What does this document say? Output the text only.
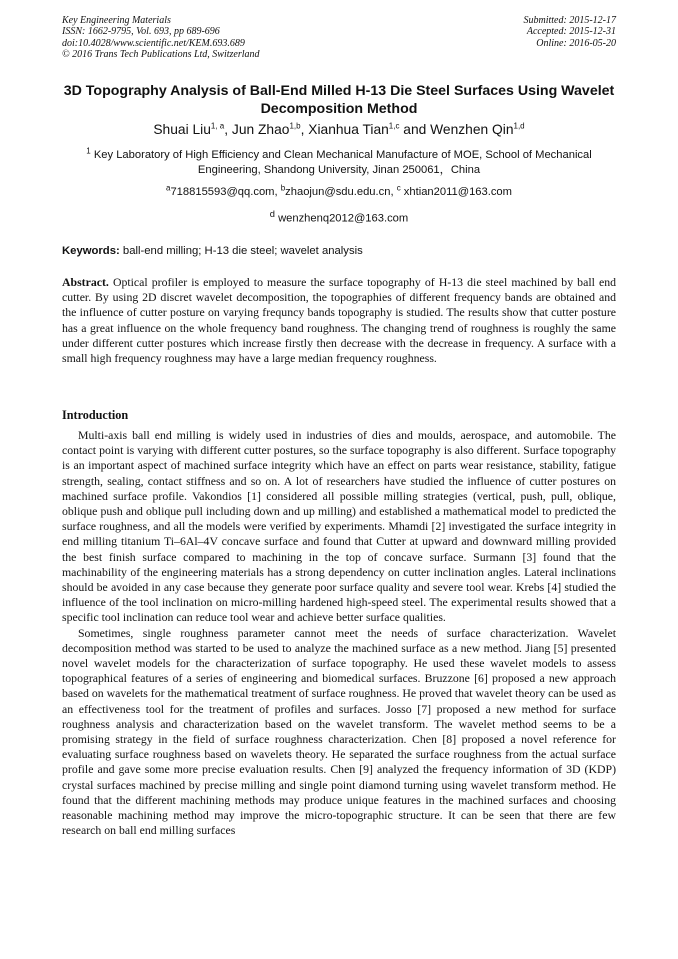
Key Engineering Materials
ISSN: 1662-9795, Vol. 693, pp 689-696
doi:10.4028/www.scientific.net/KEM.693.689
© 2016 Trans Tech Publications Ltd, Switzerland
Submitted: 2015-12-17
Accepted: 2015-12-31
Online: 2016-05-20
3D Topography Analysis of Ball-End Milled H-13 Die Steel Surfaces Using Wavelet Decomposition Method
Shuai Liu$^{1, a}$, Jun Zhao$^{1,b}$, Xianhua Tian$^{1,c}$ and Wenzhen Qin$^{1,d}$
$^1$ Key Laboratory of High Efficiency and Clean Mechanical Manufacture of MOE, School of Mechanical Engineering, Shandong University, Jinan 250061，China
$^a$718815593@qq.com, $^b$zhaojun@sdu.edu.cn, $^c$ xhtian2011@163.com
$^d$ wenzhenq2012@163.com
Keywords: ball-end milling; H-13 die steel; wavelet analysis
Abstract. Optical profiler is employed to measure the surface topography of H-13 die steel machined by ball end cutter. By using 2D discret wavelet decomposition, the topographies of different frequency bands are obtained and the influence of cutter posture on varying frequncy bands topography is studied. The results show that cutter posture has a great influence on the whole frequency band roughness. The changing trend of roughness is roughly the same under different cutter postures which increase firstly then decrease with the decrease in frequency. A surface with a small high frequency roughness may have a large median frequency roughness.
Introduction

Multi-axis ball end milling is widely used in industries of dies and moulds, aerospace, and automobile. The contact point is varying with different cutter postures, so the surface topography is also different. Surface topography is an important aspect of machined surface integrity which have an effect on parts wear resistance, stability, fatigue strength, sealing, contact stiffness and so on. A lot of researchers have studied the influence of cutter postures on machined surface profile. Vakondios [1] considered all possible milling strategies (vertical, push, pull, oblique, oblique push and oblique pull including down and up milling) and established a mathematical model to predicted the surface roughness, and all the models were verified by experiments. Mhamdi [2] investigated the surface integrity in end milling titanium Ti–6Al–4V concave surface and found that Cutter at upward and downward milling provided the best finish surface compared to machining in the top of concave surface. Surmann [3] found that the machinability of the engineering materials has a strong dependency on cutter inclination angles. Lateral inclinations should be avoided in any case because they generate poor surface quality and severe tool wear. Krebs [4] studied the influence of the tool inclination on micro-milling hardened high-speed steel. The experimental results showed that a specific tool inclination can reduce tool wear and achieve better surface qualities.

Sometimes, single roughness parameter cannot meet the needs of surface characterization. Wavelet decomposition method was started to be used to analyze the machined surface as a new method. Jiang [5] presented novel wavelet models for the characterization of surface topography. He used these wavelet models to assess topographical features of a series of engineering and biomedical surfaces. Bruzzone [6] proposed a new approach based on wavelets for the mathematical treatment of surface roughness. He proved that wavelet theory can be used as an effectiveness tool for the treatment of profiles and surfaces. Josso [7] proposed a new method for surface roughness analysis and characterization based on the wavelet transform. The wavelet method seems to be a promising strategy in the field of surface roughness characterization. Chen [8] proposed a novel reference for evaluating surface roughness based on wavelets theory. He separated the surface roughness from the actual surface profile and gave some more precise evaluation results. Chen [9] analyzed the frequency information of 3D (KDP) crystal surfaces machined by precise milling and single point diamond turning using wavelet transform method. He found that the different machining methods may produce unique features in the machined surfaces and choosing reasonable machining method may improve the micro-topographic structure. It can be seen that there are few research on ball end milling surfaces
